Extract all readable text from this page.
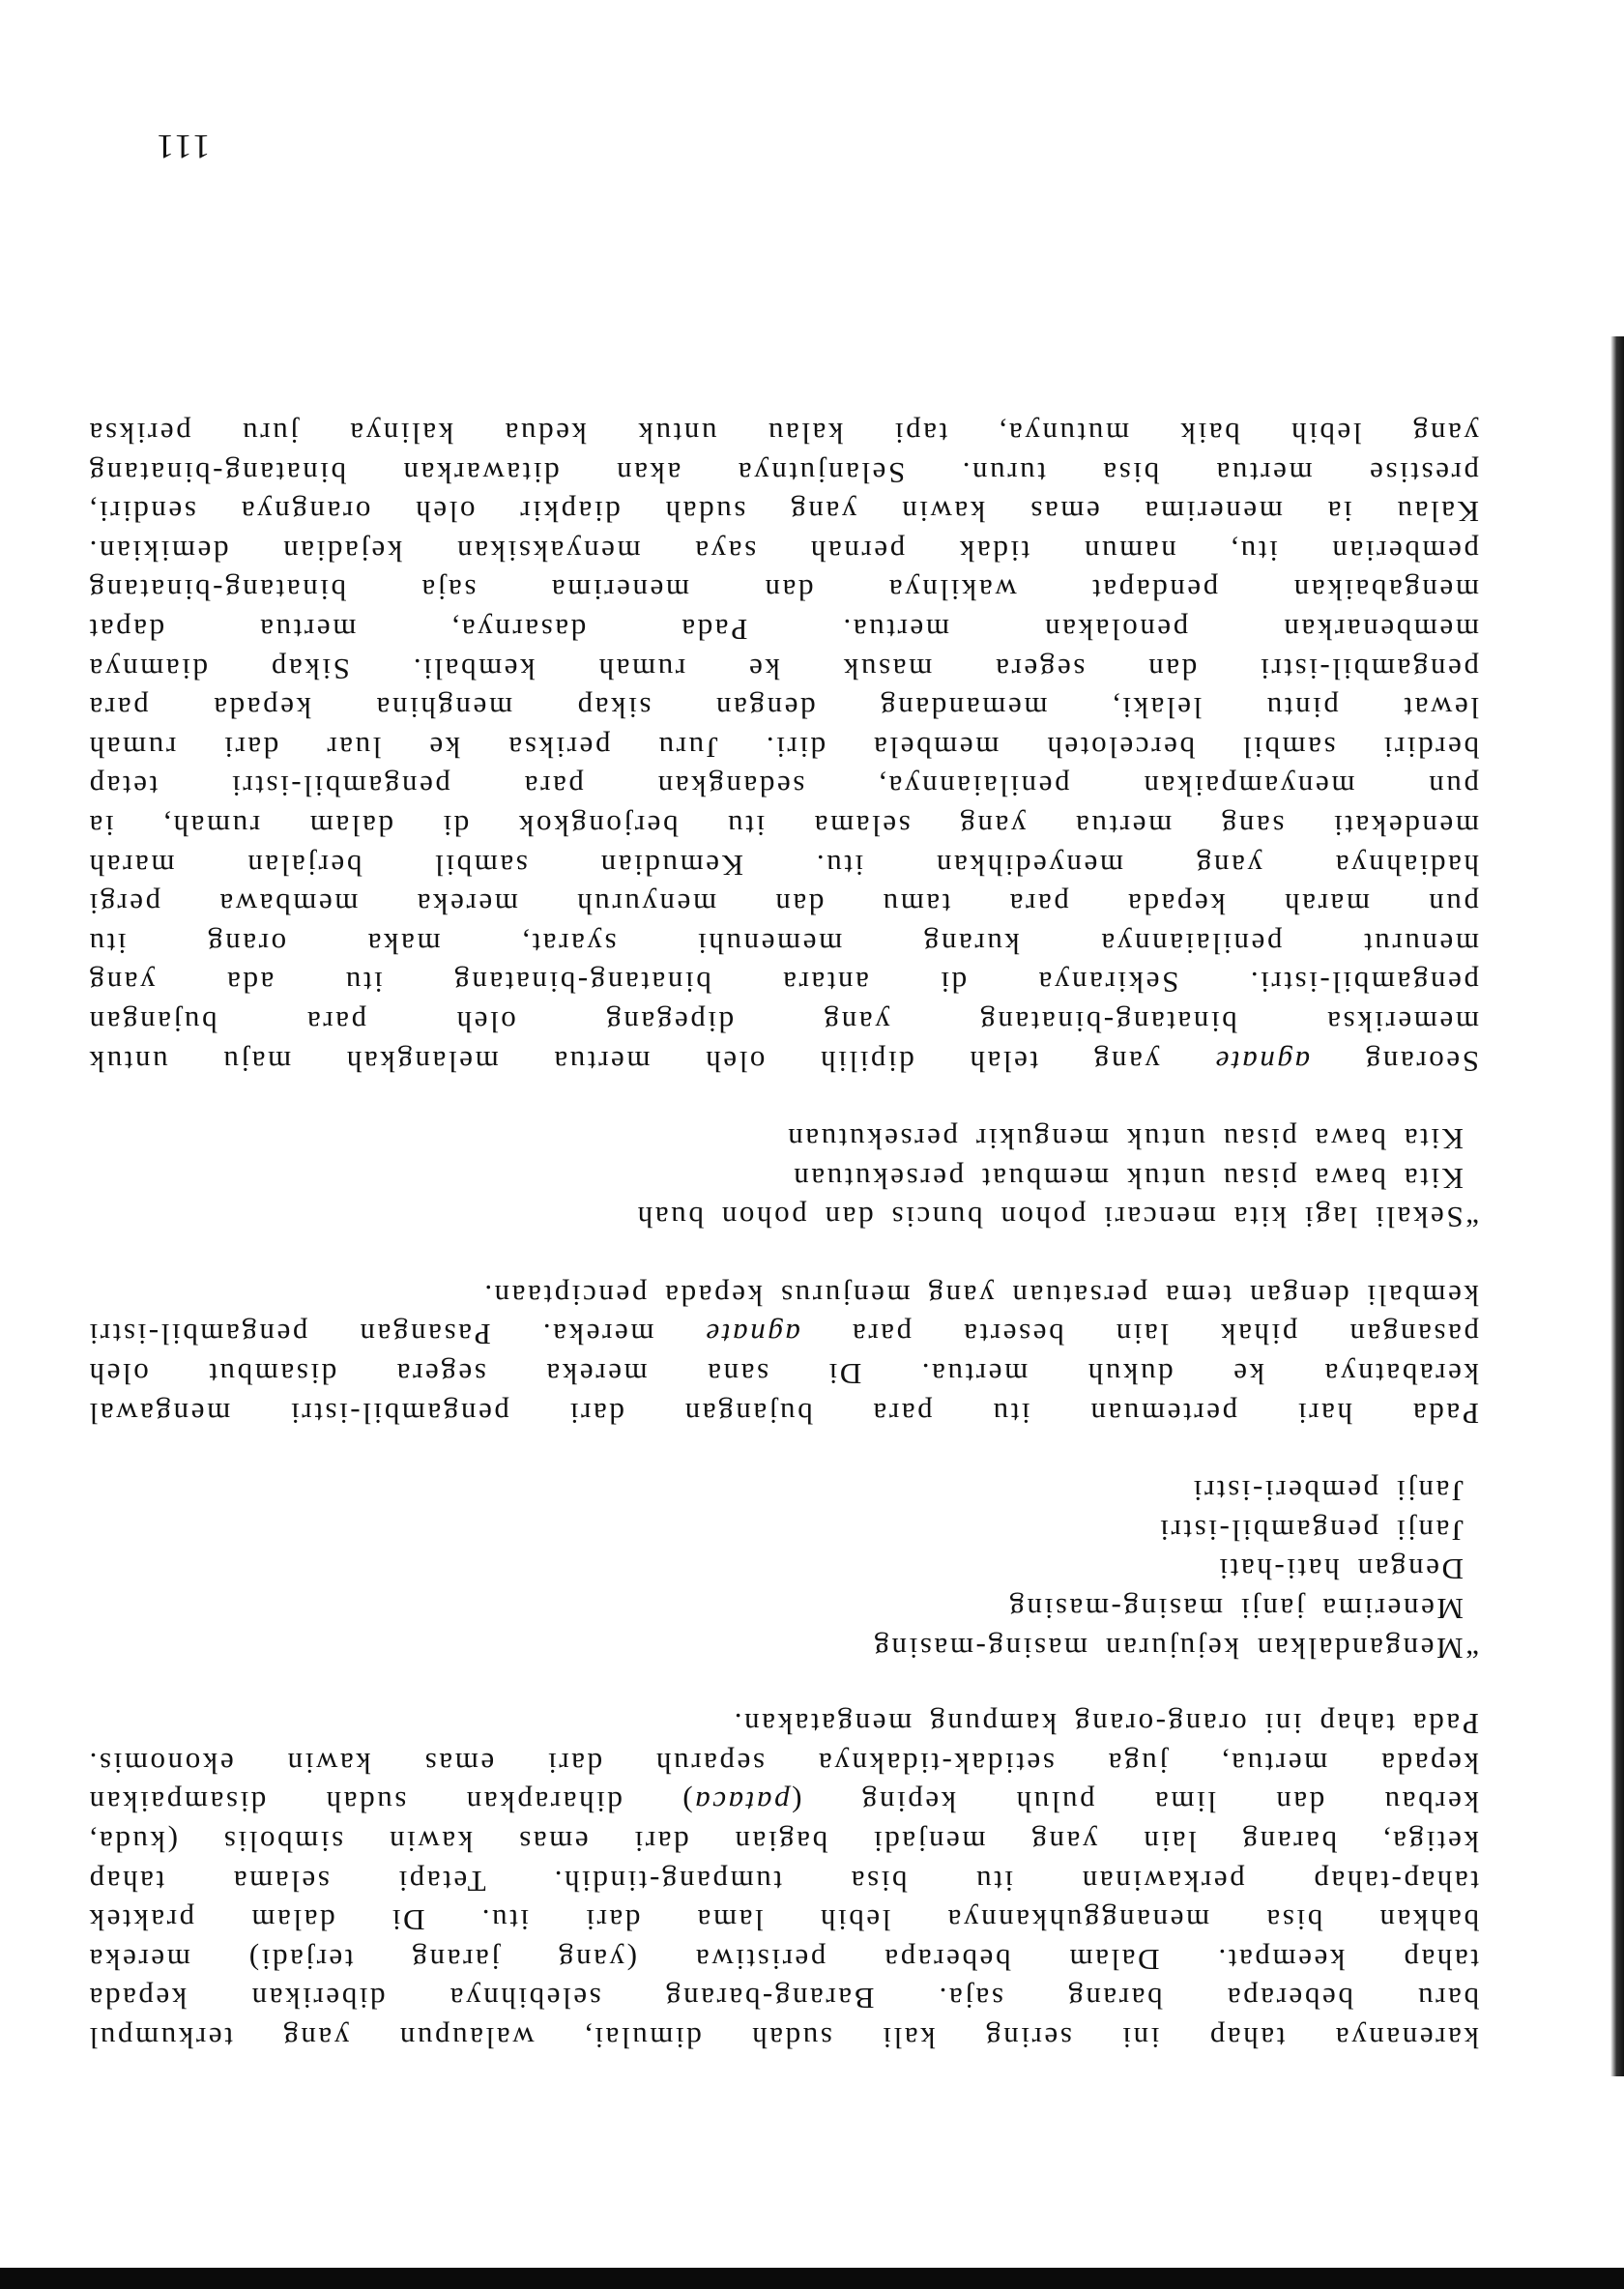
karenanya tahap ini sering kali sudah dimulai, walaupun yang terkumpul
baru beberapa barang saja. Barang-barang selebihnya diberikan kepada
tahap keempat. Dalam beberapa peristiwa (yang jarang terjadi) mereka
bahkan bisa menangguhkannya lebih lama dari itu. Di dalam praktek
tahap-tahap perkawinan itu bisa tumpang-tindih. Tetapi selama tahap
ketiga, barang lain yang menjadi bagian dari emas kawin simbolis (kuda,
kerbau dan lima puluh keping (pataca) diharapkan sudah disampaikan
kepada mertua, juga setidak-tidaknya separuh dari emas kawin ekonomis.
Pada tahap ini orang-orang kampung mengatakan.

“Mengandalkan kejujuran masing-masing
Menerima janji masing-masing
Dengan hati-hati
Janji pengambil-istri
Janji pemberi-istri

Pada hari pertemuan itu para bujangan dari pengambil-istri mengawal
kerabatnya ke dukuh mertua. Di sana mereka segera disambut oleh
pasangan pihak lain beserta para agnate mereka. Pasangan pengambil-istri
kembali dengan tema persatuan yang menjurus kepada penciptaan.

“Sekali lagi kita mencari pohon buncis dan pohon buah
Kita bawa pisau untuk membuat persekutuan
Kita bawa pisau untuk mengukir persekutuan

Seorang agnate yang telah dipilih oleh mertua melangkah maju untuk
memeriksa binatang-binatang yang dipegang oleh para bujangan
pengambil-istri. Sekiranya di antara binatang-binatang itu ada yang
menurut penilaiannya kurang memenuhi syarat, maka orang itu
pun marah kepada para tamu dan menyuruh mereka membawa pergi
hadiahnya yang menyedihkan itu. Kemudian sambil berjalan marah
mendekati sang mertua yang selama itu berjongkok di dalam rumah, ia
pun menyampaikan penilaiannya, sedangkan para pengambil-istri tetap
berdiri sambil berceloteh membela diri. Juru periksa ke luar dari rumah
lewat pintu lelaki, memandang dengan sikap menghina kepada para
pengambil-istri dan segera masuk ke rumah kembali. Sikap diamnya
membenarkan penolakan mertua. Pada dasarnya, mertua dapat
mengabaikan pendapat wakilnya dan menerima saja binatang-binatang
pemberian itu, namun tidak pernah saya menyaksikan kejadian demikian.
Kalau ia menerima emas kawin yang sudah diapkir oleh orangnya sendiri,
prestise mertua bisa turun. Selanjutnya akan ditawarkan binatang-binatang
yang lebih baik mutunya, tapi kalau untuk kedua kalinya juru periksa

111
